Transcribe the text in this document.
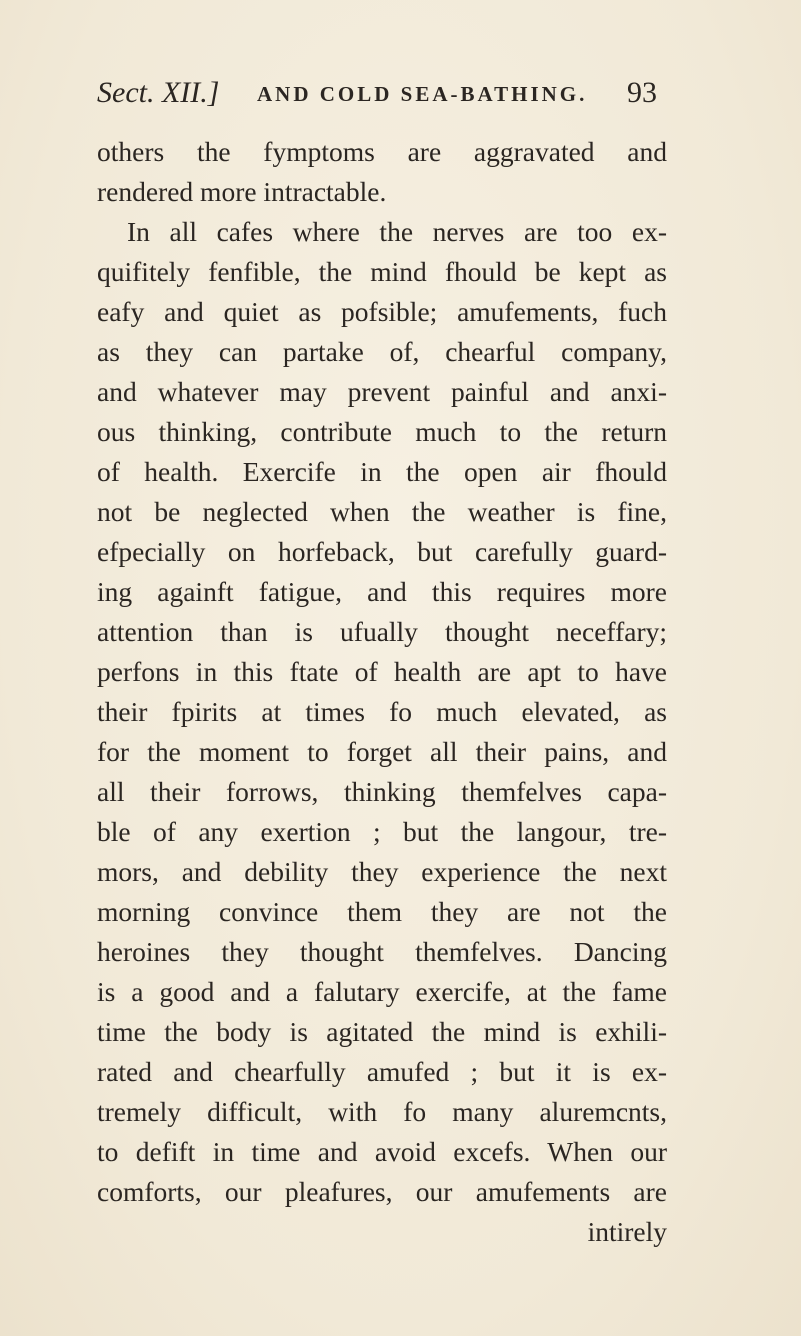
Sect. XII.] AND COLD SEA-BATHING. 93
others the fymptoms are aggravated and
rendered more intractable.
In all cafes where the nerves are too ex-
quifitely fenfible, the mind fhould be kept as
eafy and quiet as pofsible; amufements, fuch
as they can partake of, chearful company,
and whatever may prevent painful and anxi-
ous thinking, contribute much to the return
of health. Exercife in the open air fhould
not be neglected when the weather is fine,
efpecially on horfeback, but carefully guard-
ing againft fatigue, and this requires more
attention than is ufually thought neceffary;
perfons in this ftate of health are apt to have
their fpirits at times fo much elevated, as
for the moment to forget all their pains, and
all their forrows, thinking themfelves capa-
ble of any exertion ; but the langour, tre-
mors, and debility they experience the next
morning convince them they are not the
heroines they thought themfelves. Dancing
is a good and a falutary exercife, at the fame
time the body is agitated the mind is exhili-
rated and chearfully amufed ; but it is ex-
tremely difficult, with fo many aluremcnts,
to defift in time and avoid excefs. When our
comforts, our pleafures, our amufements are
intirely
